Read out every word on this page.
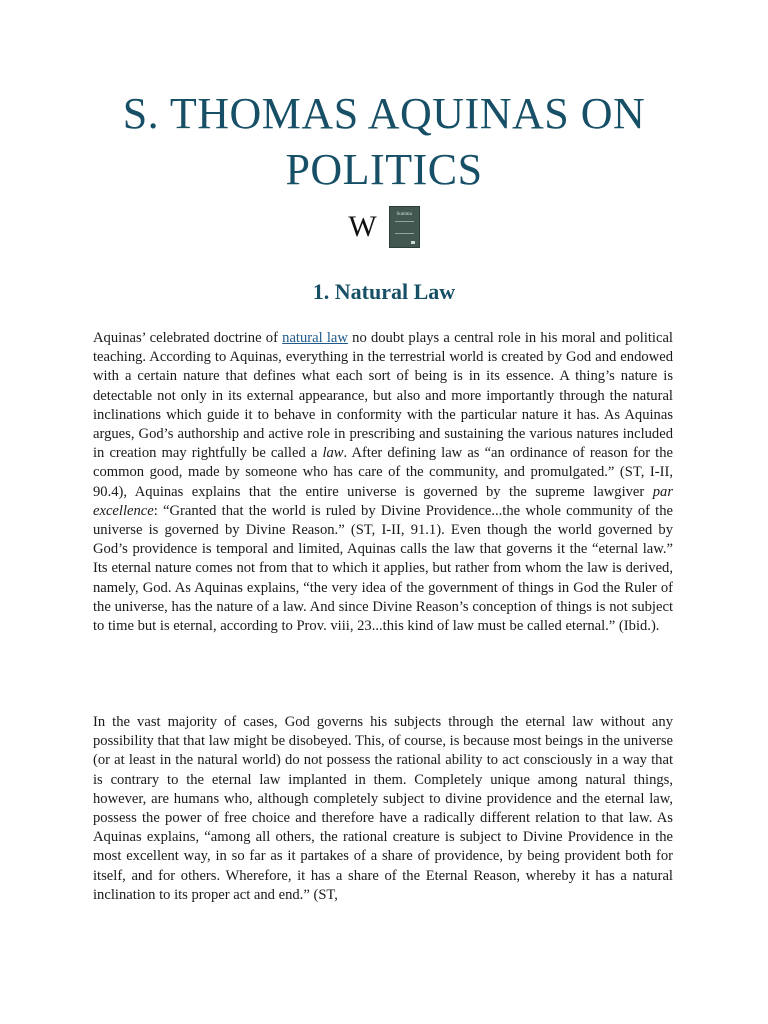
S. THOMAS AQUINAS ON
POLITICS
W	Summa
1. Natural Law

Aquinas’ celebrated doctrine of natural law no doubt plays a central role in his moral and political teaching. According to Aquinas, everything in the terrestrial world is created by God and endowed with a certain nature that defines what each sort of being is in its essence. A thing’s nature is detectable not only in its external appearance, but also and more importantly through the natural inclinations which guide it to behave in conformity with the particular nature it has. As Aquinas argues, God’s authorship and active role in prescribing and sustaining the various natures included in creation may rightfully be called a law. After defining law as “an ordinance of reason for the common good, made by someone who has care of the community, and promulgated.” (ST, I-II, 90.4), Aquinas explains that the entire universe is governed by the supreme lawgiver par excellence: “Granted that the world is ruled by Divine Providence...the whole community of the universe is governed by Divine Reason.” (ST, I-II, 91.1). Even though the world governed by God’s providence is temporal and limited, Aquinas calls the law that governs it the “eternal law.” Its eternal nature comes not from that to which it applies, but rather from whom the law is derived, namely, God. As Aquinas explains, “the very idea of the government of things in God the Ruler of the universe, has the nature of a law. And since Divine Reason’s conception of things is not subject to time but is eternal, according to Prov. viii, 23...this kind of law must be called eternal.” (Ibid.).

In the vast majority of cases, God governs his subjects through the eternal law without any possibility that that law might be disobeyed. This, of course, is because most beings in the universe (or at least in the natural world) do not possess the rational ability to act consciously in a way that is contrary to the eternal law implanted in them. Completely unique among natural things, however, are humans who, although completely subject to divine providence and the eternal law, possess the power of free choice and therefore have a radically different relation to that law. As Aquinas explains, “among all others, the rational creature is subject to Divine Providence in the most excellent way, in so far as it partakes of a share of providence, by being provident both for itself, and for others. Wherefore, it has a share of the Eternal Reason, whereby it has a natural inclination to its proper act and end.” (ST,
